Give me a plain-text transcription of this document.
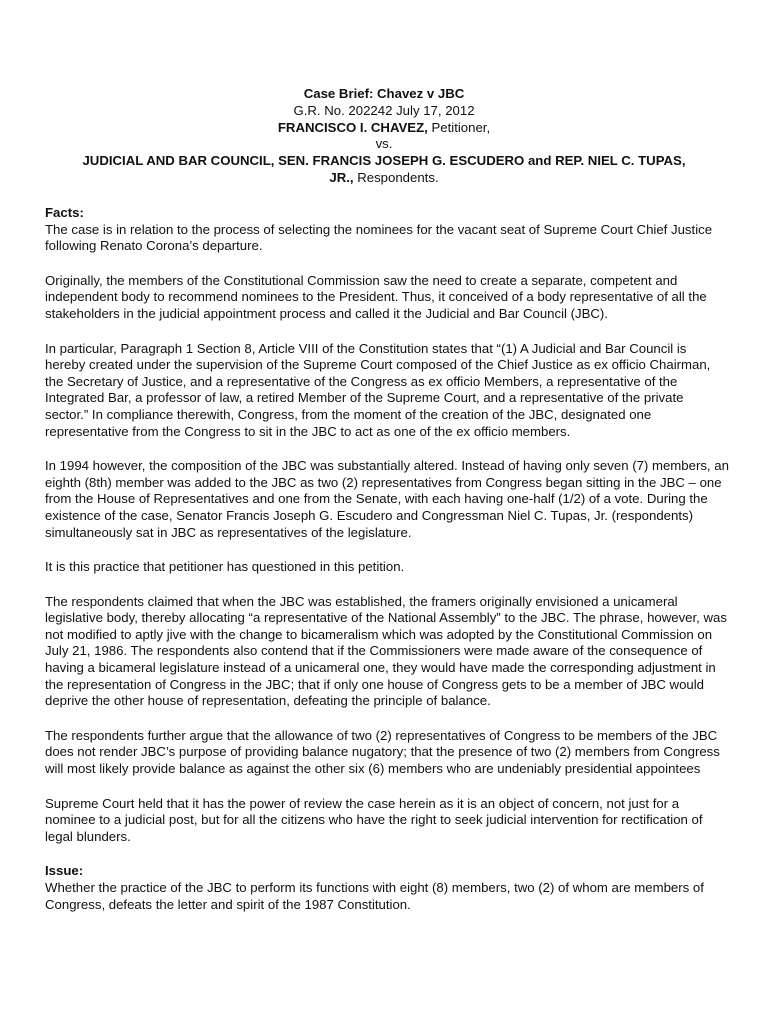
Case Brief: Chavez v JBC
G.R. No. 202242 July 17, 2012
FRANCISCO I. CHAVEZ, Petitioner,
vs.
JUDICIAL AND BAR COUNCIL, SEN. FRANCIS JOSEPH G. ESCUDERO and REP. NIEL C. TUPAS,
JR., Respondents.
Facts:

The case is in relation to the process of selecting the nominees for the vacant seat of Supreme Court Chief Justice following Renato Corona’s departure.

Originally, the members of the Constitutional Commission saw the need to create a separate, competent and independent body to recommend nominees to the President. Thus, it conceived of a body representative of all the stakeholders in the judicial appointment process and called it the Judicial and Bar Council (JBC).

In particular, Paragraph 1 Section 8, Article VIII of the Constitution states that “(1) A Judicial and Bar Council is hereby created under the supervision of the Supreme Court composed of the Chief Justice as ex officio Chairman, the Secretary of Justice, and a representative of the Congress as ex officio Members, a representative of the Integrated Bar, a professor of law, a retired Member of the Supreme Court, and a representative of the private sector.” In compliance therewith, Congress, from the moment of the creation of the JBC, designated one representative from the Congress to sit in the JBC to act as one of the ex officio members.

In 1994 however, the composition of the JBC was substantially altered. Instead of having only seven (7) members, an eighth (8th) member was added to the JBC as two (2) representatives from Congress began sitting in the JBC – one from the House of Representatives and one from the Senate, with each having one-half (1/2) of a vote. During the existence of the case, Senator Francis Joseph G. Escudero and Congressman Niel C. Tupas, Jr. (respondents) simultaneously sat in JBC as representatives of the legislature.

It is this practice that petitioner has questioned in this petition.

The respondents claimed that when the JBC was established, the framers originally envisioned a unicameral legislative body, thereby allocating “a representative of the National Assembly” to the JBC. The phrase, however, was not modified to aptly jive with the change to bicameralism which was adopted by the Constitutional Commission on July 21, 1986. The respondents also contend that if the Commissioners were made aware of the consequence of having a bicameral legislature instead of a unicameral one, they would have made the corresponding adjustment in the representation of Congress in the JBC; that if only one house of Congress gets to be a member of JBC would deprive the other house of representation, defeating the principle of balance.

The respondents further argue that the allowance of two (2) representatives of Congress to be members of the JBC does not render JBC’s purpose of providing balance nugatory; that the presence of two (2) members from Congress will most likely provide balance as against the other six (6) members who are undeniably presidential appointees

Supreme Court held that it has the power of review the case herein as it is an object of concern, not just for a nominee to a judicial post, but for all the citizens who have the right to seek judicial intervention for rectification of legal blunders.

Issue:

Whether the practice of the JBC to perform its functions with eight (8) members, two (2) of whom are members of Congress, defeats the letter and spirit of the 1987 Constitution.
